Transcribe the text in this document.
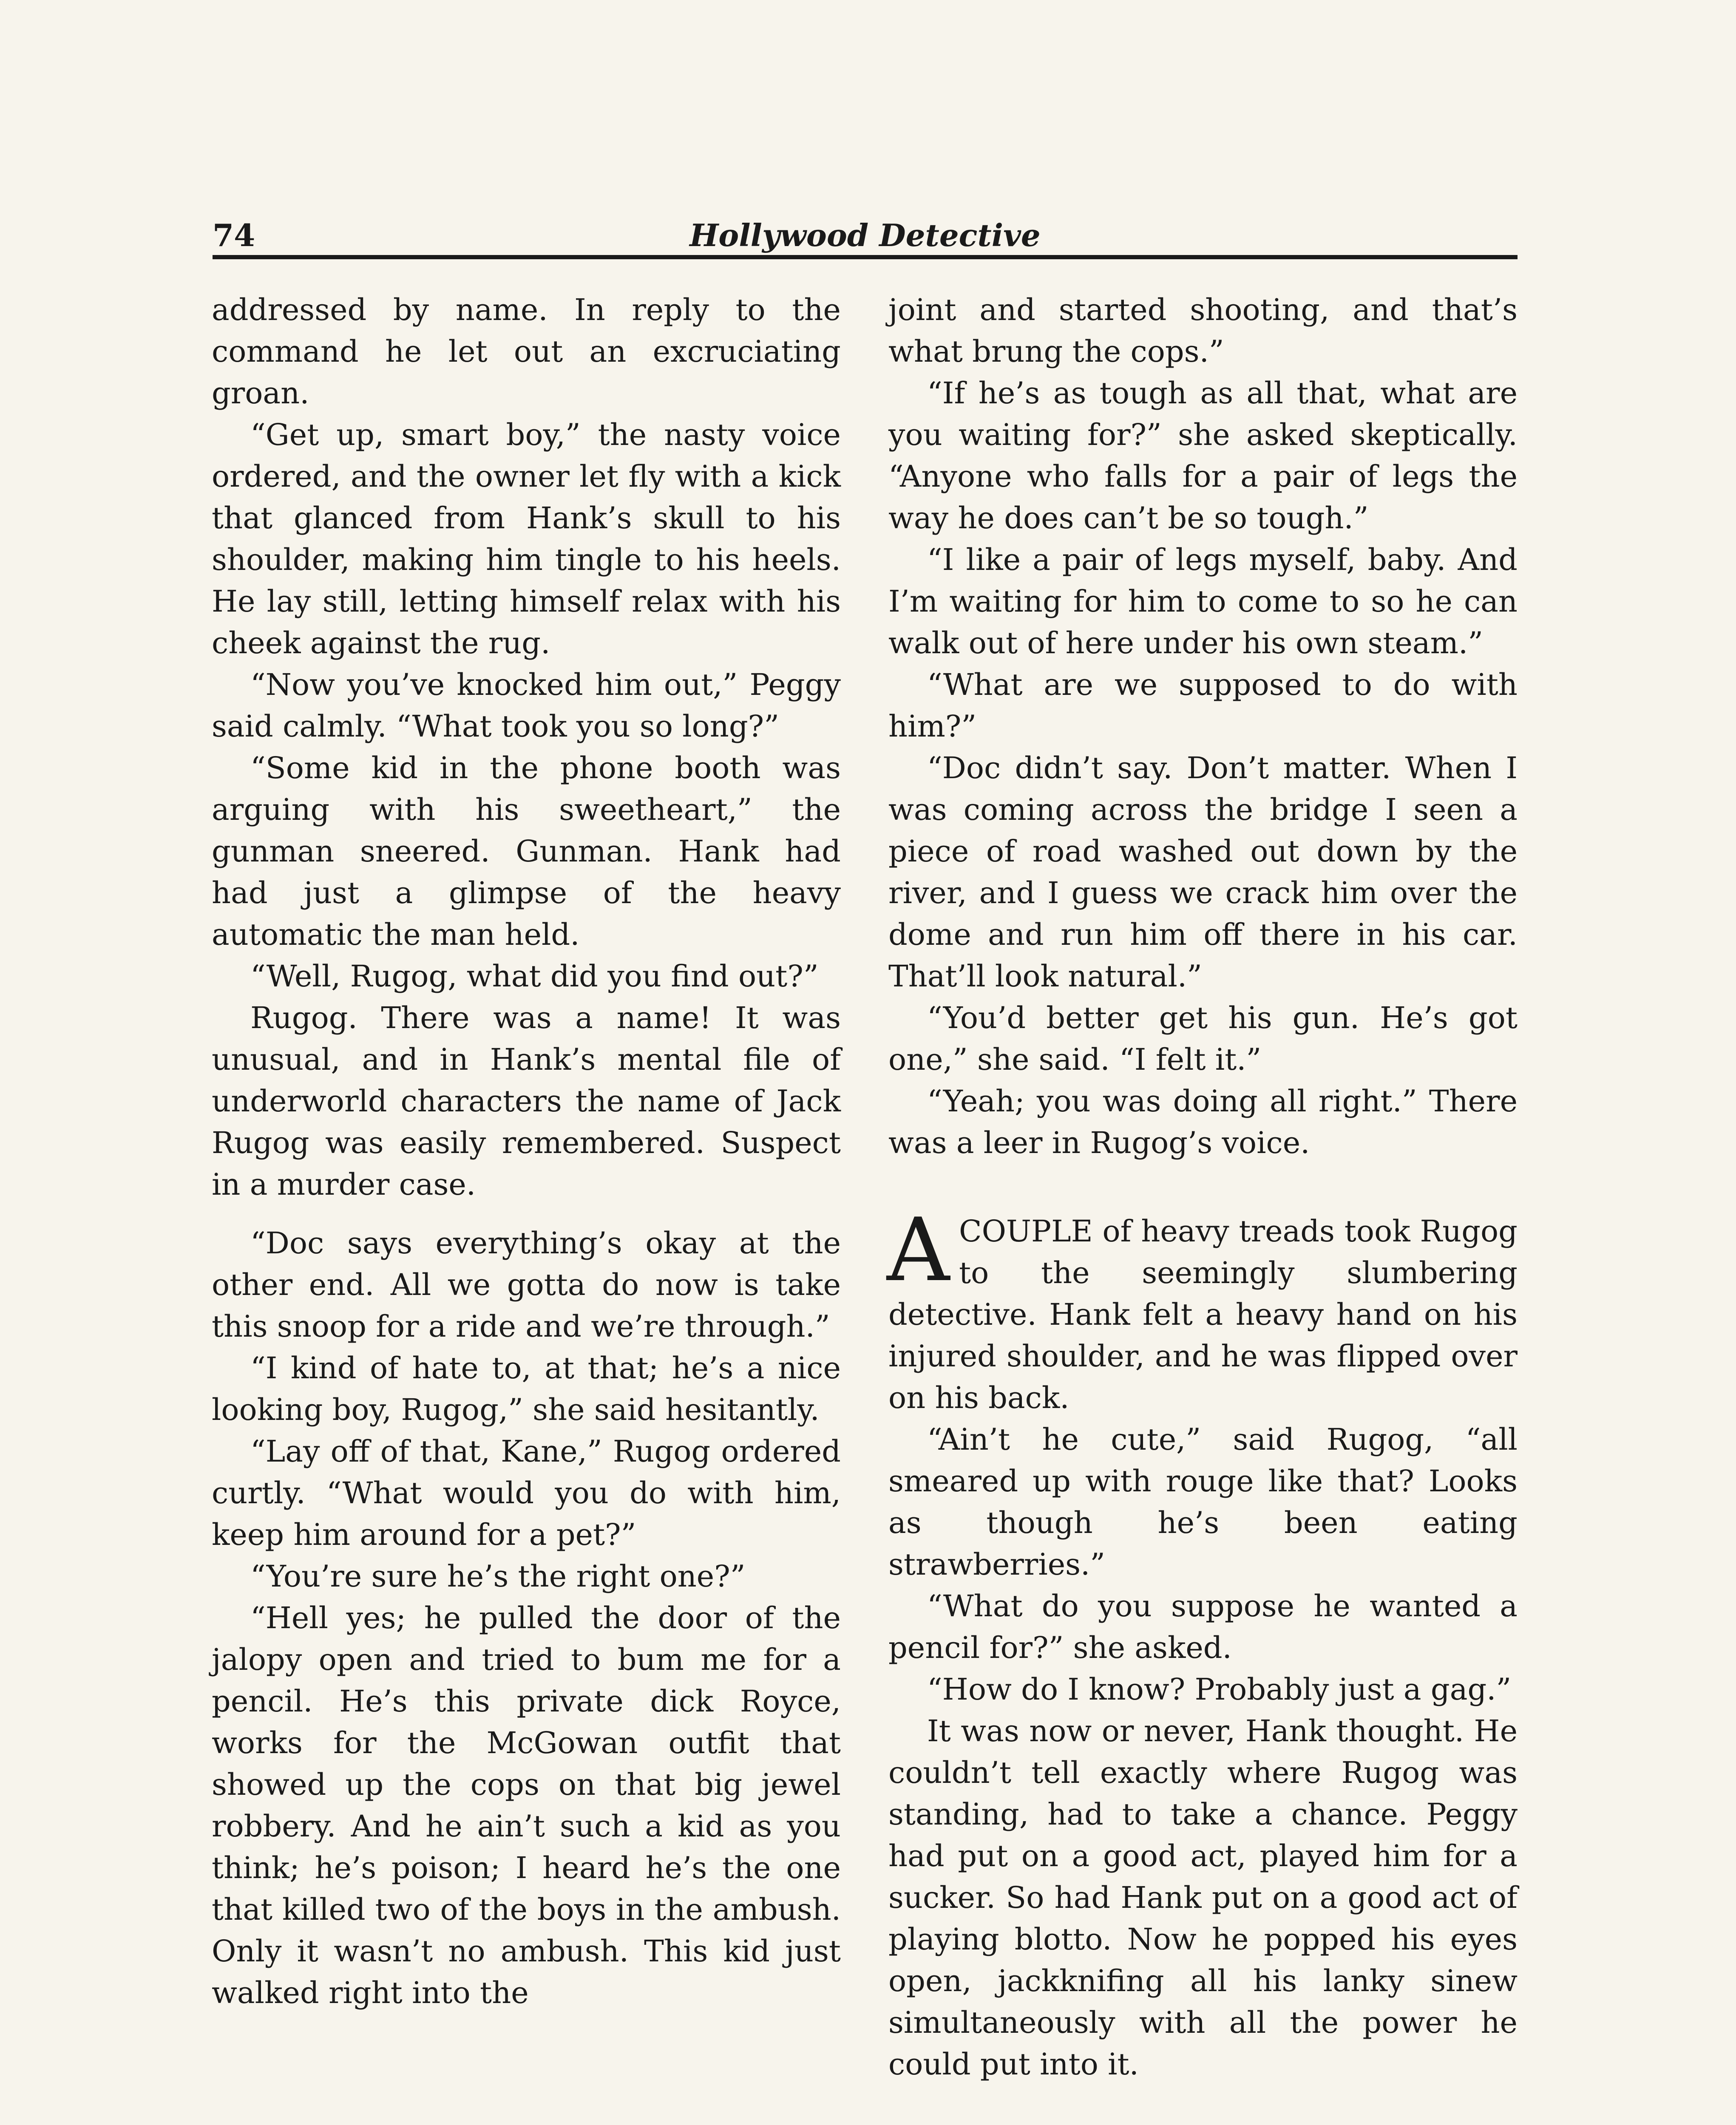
74	Hollywood Detective

addressed by name. In reply to the command he let out an excruciating groan.

“Get up, smart boy,” the nasty voice ordered, and the owner let fly with a kick that glanced from Hank’s skull to his shoulder, making him tingle to his heels. He lay still, letting himself relax with his cheek against the rug.

“Now you’ve knocked him out,” Peggy said calmly. “What took you so long?”

“Some kid in the phone booth was arguing with his sweetheart,” the gunman sneered. Gunman. Hank had had just a glimpse of the heavy automatic the man held.

“Well, Rugog, what did you find out?”

Rugog. There was a name! It was unusual, and in Hank’s mental file of underworld characters the name of Jack Rugog was easily remembered. Suspect in a murder case.

“Doc says everything’s okay at the other end. All we gotta do now is take this snoop for a ride and we’re through.”

“I kind of hate to, at that; he’s a nice looking boy, Rugog,” she said hesitantly.

“Lay off of that, Kane,” Rugog ordered curtly. “What would you do with him, keep him around for a pet?”

“You’re sure he’s the right one?”

“Hell yes; he pulled the door of the jalopy open and tried to bum me for a pencil. He’s this private dick Royce, works for the McGowan outfit that showed up the cops on that big jewel robbery. And he ain’t such a kid as you think; he’s poison; I heard he’s the one that killed two of the boys in the ambush. Only it wasn’t no ambush. This kid just walked right into the

joint and started shooting, and that’s what brung the cops.”

“If he’s as tough as all that, what are you waiting for?” she asked skeptically. “Anyone who falls for a pair of legs the way he does can’t be so tough.”

“I like a pair of legs myself, baby. And I’m waiting for him to come to so he can walk out of here under his own steam.”

“What are we supposed to do with him?”

“Doc didn’t say. Don’t matter. When I was coming across the bridge I seen a piece of road washed out down by the river, and I guess we crack him over the dome and run him off there in his car. That’ll look natural.”

“You’d better get his gun. He’s got one,” she said. “I felt it.”

“Yeah; you was doing all right.” There was a leer in Rugog’s voice.

ACOUPLE of heavy treads took Rugog to the seemingly slumbering detective. Hank felt a heavy hand on his injured shoulder, and he was flipped over on his back.

“Ain’t he cute,” said Rugog, “all smeared up with rouge like that? Looks as though he’s been eating strawberries.”

“What do you suppose he wanted a pencil for?” she asked.

“How do I know? Probably just a gag.”

It was now or never, Hank thought. He couldn’t tell exactly where Rugog was standing, had to take a chance. Peggy had put on a good act, played him for a sucker. So had Hank put on a good act of playing blotto. Now he popped his eyes open, jackknifing all his lanky sinew simultaneously with all the power he could put into it.
